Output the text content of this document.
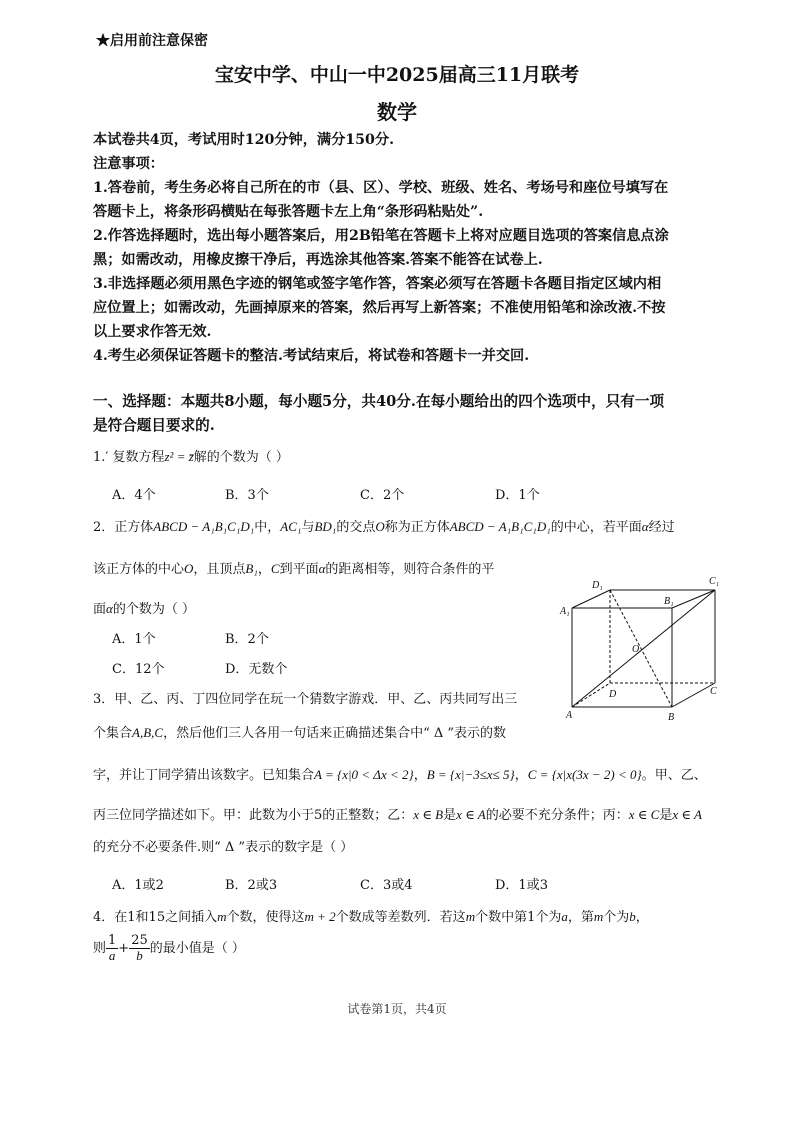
★启用前注意保密
宝安中学、中山一中2025届高三11月联考
数学
本试卷共4页，考试用时120分钟，满分150分.
注意事项：
1.答卷前，考生务必将自己所在的市（县、区）、学校、班级、姓名、考场号和座位号填写在
答题卡上，将条形码横贴在每张答题卡左上角“条形码粘贴处”.
2.作答选择题时，选出每小题答案后，用2B铅笔在答题卡上将对应题目选项的答案信息点涂
黑；如需改动，用橡皮擦干净后，再选涂其他答案.答案不能答在试卷上.
3.非选择题必须用黑色字迹的钢笔或签字笔作答，答案必须写在答题卡各题目指定区域内相
应位置上；如需改动，先画掉原来的答案，然后再写上新答案；不准使用铅笔和涂改液.不按
以上要求作答无效.
4.考生必须保证答题卡的整洁.考试结束后，将试卷和答题卡一并交回.
一、选择题：本题共8小题，每小题5分，共40分.在每小题给出的四个选项中，只有一项
是符合题目要求的.
1.′ 复数方程z² = z̄解的个数为（ ）
A．4个	B．3个	C．2个	D．1个
2．正方体ABCD − A₁B₁C₁D₁中，AC₁与BD₁的交点O称为正方体ABCD − A₁B₁C₁D₁的中心，若平面α经过
该正方体的中心O，且顶点B₁，C到平面α的距离相等，则符合条件的平
面α的个数为（ ）
A．1个	B．2个
C．12个	D．无数个
D₁	C₁
A₁
B₁
O
D	C
A	B
3．甲、乙、丙、丁四位同学在玩一个猜数字游戏．甲、乙、丙共同写出三
个集合A,B,C，然后他们三人各用一句话来正确描述集合中“ Δ ”表示的数
字，并让丁同学猜出该数字。已知集合A = {x|0 < Δx < 2}，B = {x|−3≤x≤ 5}，C = {x|x(3x − 2) < 0}。甲、乙、
丙三位同学描述如下。甲：此数为小于5的正整数；乙：x ∈ B是x ∈ A的必要不充分条件；丙：x ∈ C是x ∈ A
的充分不必要条件.则“ Δ ”表示的数字是（ ）
A．1或2	B．2或3	C．3或4	D．1或3
4．在1和15之间插入m个数，使得这m + 2个数成等差数列．若这m个数中第1个为a，第m个为b，
则 $\frac{1}{a} + \frac{25}{b}$ 的最小值是（ ）
试卷第1页，共4页
